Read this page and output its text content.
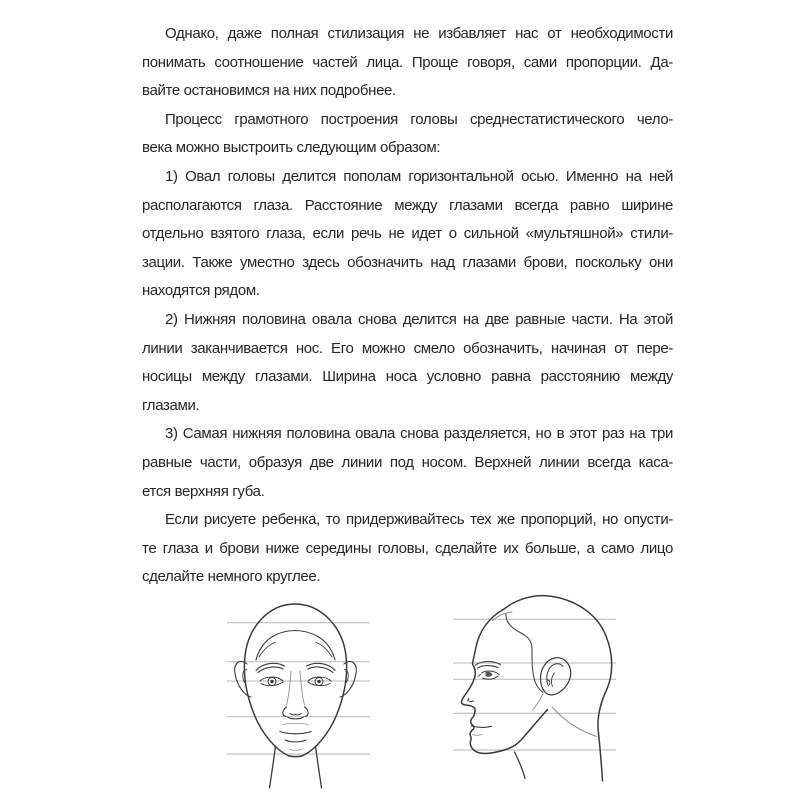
Однако, даже полная стилизация не избавляет нас от необходимости
понимать соотношение частей лица. Проще говоря, сами пропорции. Да-
вайте остановимся на них подробнее.
Процесс грамотного построения головы среднестатистического чело-
века можно выстроить следующим образом:
1) Овал головы делится пополам горизонтальной осью. Именно на ней
располагаются глаза. Расстояние между глазами всегда равно ширине
отдельно взятого глаза, если речь не идет о сильной «мультяшной» стили-
зации. Также уместно здесь обозначить над глазами брови, поскольку они
находятся рядом.
2) Нижняя половина овала снова делится на две равные части. На этой
линии заканчивается нос. Его можно смело обозначить, начиная от пере-
носицы между глазами. Ширина носа условно равна расстоянию между
глазами.
3) Самая нижняя половина овала снова разделяется, но в этот раз на три
равные части, образуя две линии под носом. Верхней линии всегда каса-
ется верхняя губа.
Если рисуете ребенка, то придерживайтесь тех же пропорций, но опусти-
те глаза и брови ниже середины головы, сделайте их больше, а само лицо
сделайте немного круглее.
